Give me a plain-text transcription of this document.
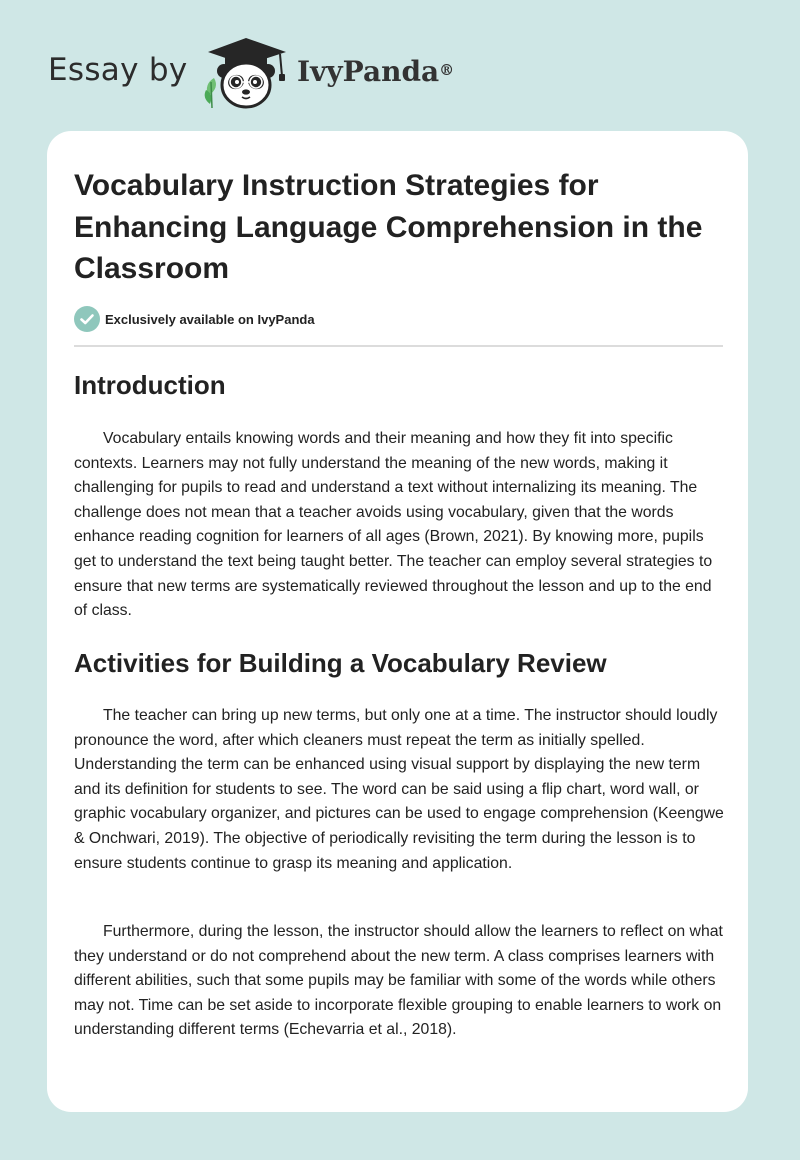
Essay by	IvyPanda®
Vocabulary Instruction Strategies for Enhancing Language Comprehension in the Classroom
Exclusively available on IvyPanda
Introduction

Vocabulary entails knowing words and their meaning and how they fit into specific contexts. Learners may not fully understand the meaning of the new words, making it challenging for pupils to read and understand a text without internalizing its meaning. The challenge does not mean that a teacher avoids using vocabulary, given that the words enhance reading cognition for learners of all ages (Brown, 2021). By knowing more, pupils get to understand the text being taught better. The teacher can employ several strategies to ensure that new terms are systematically reviewed throughout the lesson and up to the end of class.

Activities for Building a Vocabulary Review

The teacher can bring up new terms, but only one at a time. The instructor should loudly pronounce the word, after which cleaners must repeat the term as initially spelled. Understanding the term can be enhanced using visual support by displaying the new term and its definition for students to see. The word can be said using a flip chart, word wall, or graphic vocabulary organizer, and pictures can be used to engage comprehension (Keengwe & Onchwari, 2019). The objective of periodically revisiting the term during the lesson is to ensure students continue to grasp its meaning and application.

Furthermore, during the lesson, the instructor should allow the learners to reflect on what they understand or do not comprehend about the new term. A class comprises learners with different abilities, such that some pupils may be familiar with some of the words while others may not. Time can be set aside to incorporate flexible grouping to enable learners to work on understanding different terms (Echevarria et al., 2018).
